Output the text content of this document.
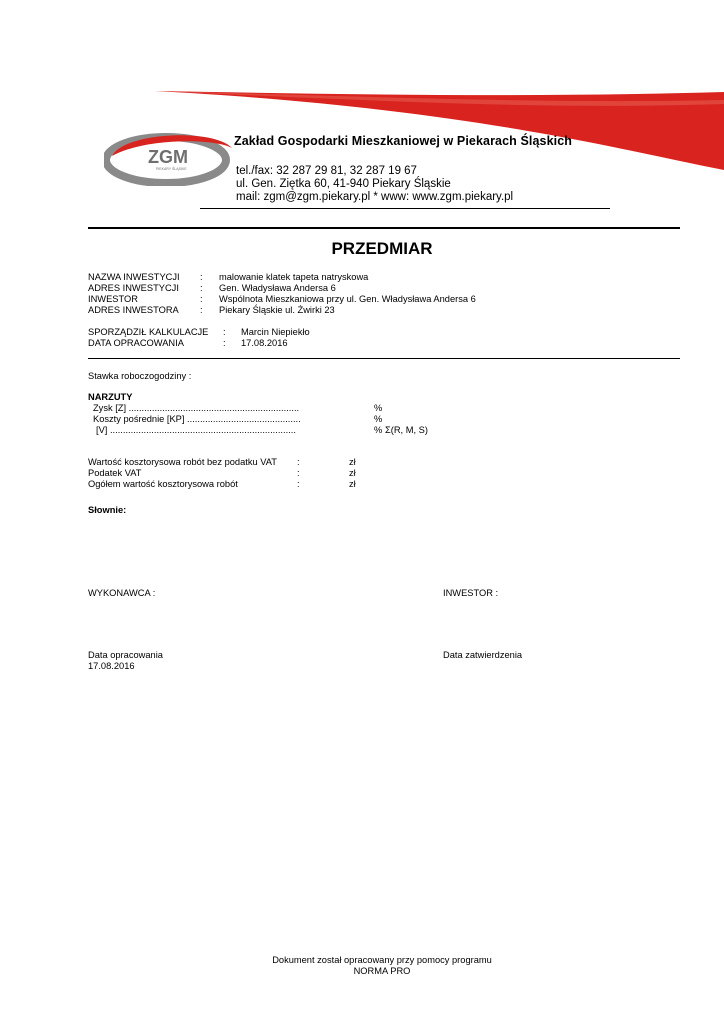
ZGM
PIEKARY ŚLĄSKIE
Zakład Gospodarki Mieszkaniowej w Piekarach Śląskich
tel./fax: 32 287 29 81, 32 287 19 67
ul. Gen. Ziętka 60, 41-940 Piekary Śląskie
mail: zgm@zgm.piekary.pl * www: www.zgm.piekary.pl
PRZEDMIAR
NAZWA INWESTYCJI : malowanie klatek tapeta natryskowa
ADRES INWESTYCJI : Gen. Władysława Andersa 6
INWESTOR	: Wspólnota Mieszkaniowa przy ul. Gen. Władysława Andersa 6
ADRES INWESTORA : Piekary Śląskie ul. Żwirki 23
SPORZĄDZIŁ KALKULACJE : Marcin Niepiekło
DATA OPRACOWANIA	: 17.08.2016
Stawka roboczogodziny :
NARZUTY
Zysk [Z] ..................................................................	%
Koszty pośrednie [KP] ............................................	%
[V] ........................................................................	% Σ(R, M, S)
Wartość kosztorysowa robót bez podatku VAT :	zł
Podatek VAT	:	zł
Ogółem wartość kosztorysowa robót	:	zł
Słownie:
WYKONAWCA :	INWESTOR :
Data opracowania
17.08.2016
Data zatwierdzenia
Dokument został opracowany przy pomocy programu
NORMA PRO
